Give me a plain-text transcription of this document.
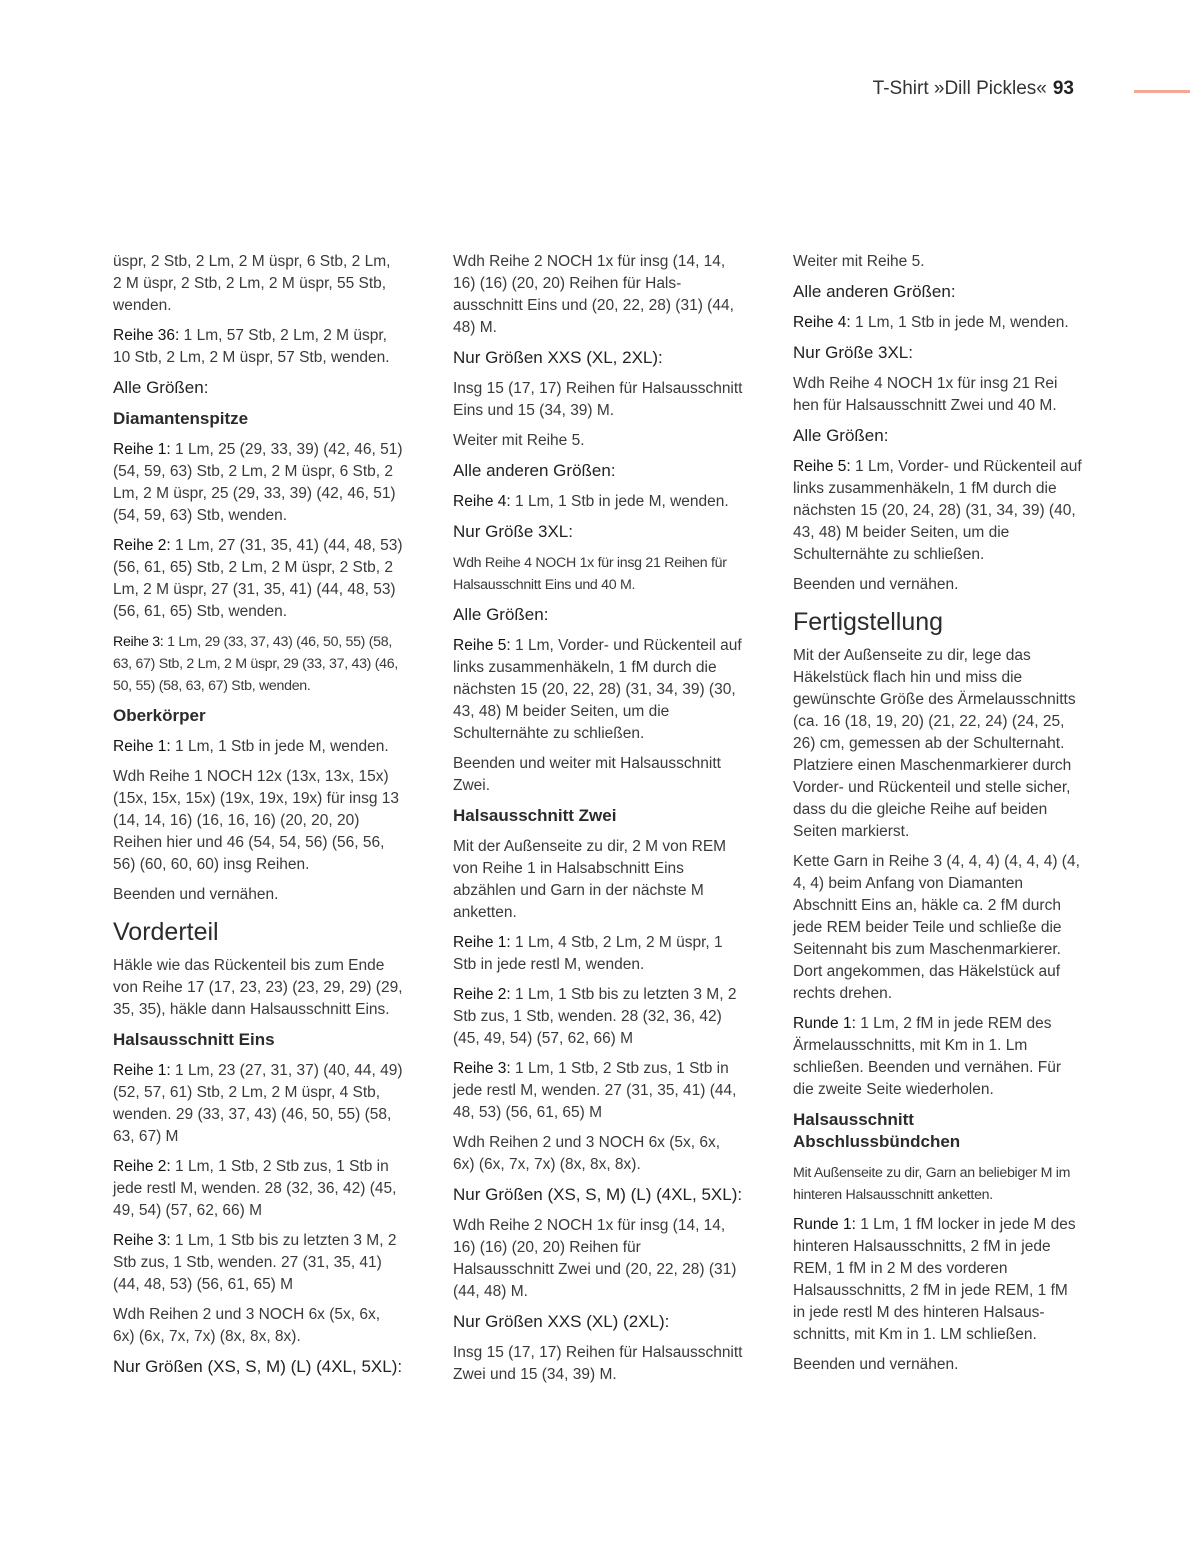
T-Shirt »Dill Pickles« 93

üspr, 2 Stb, 2 Lm, 2 M üspr, 6 Stb, 2 Lm, 2 M üspr, 2 Stb, 2 Lm, 2 M üspr, 55 Stb, wenden.

Reihe 36: 1 Lm, 57 Stb, 2 Lm, 2 M üspr, 10 Stb, 2 Lm, 2 M üspr, 57 Stb, wenden.

Alle Größen:
Diamantenspitze

Reihe 1: 1 Lm, 25 (29, 33, 39) (42, 46, 51) (54, 59, 63) Stb, 2 Lm, 2 M üspr, 6 Stb, 2 Lm, 2 M üspr, 25 (29, 33, 39) (42, 46, 51) (54, 59, 63) Stb, wenden.

Reihe 2: 1 Lm, 27 (31, 35, 41) (44, 48, 53) (56, 61, 65) Stb, 2 Lm, 2 M üspr, 2 Stb, 2 Lm, 2 M üspr, 27 (31, 35, 41) (44, 48, 53) (56, 61, 65) Stb, wenden.

Reihe 3: 1 Lm, 29 (33, 37, 43) (46, 50, 55) (58, 63, 67) Stb, 2 Lm, 2 M üspr, 29 (33, 37, 43) (46, 50, 55) (58, 63, 67) Stb, wenden.

Oberkörper

Reihe 1: 1 Lm, 1 Stb in jede M, wenden.

Wdh Reihe 1 NOCH 12x (13x, 13x, 15x) (15x, 15x, 15x) (19x, 19x, 19x) für insg 13 (14, 14, 16) (16, 16, 16) (20, 20, 20) Reihen hier und 46 (54, 54, 56) (56, 56, 56) (60, 60, 60) insg Reihen.

Beenden und vernähen.

Vorderteil

Häkle wie das Rückenteil bis zum Ende von Reihe 17 (17, 23, 23) (23, 29, 29) (29, 35, 35), häkle dann Halsausschnitt Eins.

Halsausschnitt Eins

Reihe 1: 1 Lm, 23 (27, 31, 37) (40, 44, 49) (52, 57, 61) Stb, 2 Lm, 2 M üspr, 4 Stb, wenden. 29 (33, 37, 43) (46, 50, 55) (58, 63, 67) M

Reihe 2: 1 Lm, 1 Stb, 2 Stb zus, 1 Stb in jede restl M, wenden. 28 (32, 36, 42) (45, 49, 54) (57, 62, 66) M

Reihe 3: 1 Lm, 1 Stb bis zu letzten 3 M, 2 Stb zus, 1 Stb, wenden. 27 (31, 35, 41) (44, 48, 53) (56, 61, 65) M

Wdh Reihen 2 und 3 NOCH 6x (5x, 6x, 6x) (6x, 7x, 7x) (8x, 8x, 8x).

Nur Größen (XS, S, M) (L) (4XL, 5XL):

Wdh Reihe 2 NOCH 1x für insg (14, 14, 16) (16) (20, 20) Reihen für Halsausschnitt Eins und (20, 22, 28) (31) (44, 48) M.

Nur Größen XXS (XL, 2XL):

Insg 15 (17, 17) Reihen für Halsausschnitt Eins und 15 (34, 39) M.

Weiter mit Reihe 5.

Alle anderen Größen:

Reihe 4: 1 Lm, 1 Stb in jede M, wenden.

Nur Größe 3XL:

Wdh Reihe 4 NOCH 1x für insg 21 Reihen für Halsausschnitt Eins und 40 M.

Alle Größen:

Reihe 5: 1 Lm, Vorder- und Rückenteil auf links zusammenhäkeln, 1 fM durch die nächsten 15 (20, 22, 28) (31, 34, 39) (30, 43, 48) M beider Seiten, um die Schulternähte zu schließen.

Beenden und weiter mit Halsausschnitt Zwei.

Halsausschnitt Zwei

Mit der Außenseite zu dir, 2 M von REM von Reihe 1 in Halsabschnitt Eins abzählen und Garn in der nächste M anketten.

Reihe 1: 1 Lm, 4 Stb, 2 Lm, 2 M üspr, 1 Stb in jede restl M, wenden.

Reihe 2: 1 Lm, 1 Stb bis zu letzten 3 M, 2 Stb zus, 1 Stb, wenden. 28 (32, 36, 42) (45, 49, 54) (57, 62, 66) M

Reihe 3: 1 Lm, 1 Stb, 2 Stb zus, 1 Stb in jede restl M, wenden. 27 (31, 35, 41) (44, 48, 53) (56, 61, 65) M

Wdh Reihen 2 und 3 NOCH 6x (5x, 6x, 6x) (6x, 7x, 7x) (8x, 8x, 8x).

Nur Größen (XS, S, M) (L) (4XL, 5XL):

Wdh Reihe 2 NOCH 1x für insg (14, 14, 16) (16) (20, 20) Reihen für Halsausschnitt Zwei und (20, 22, 28) (31) (44, 48) M.

Nur Größen XXS (XL) (2XL):

Insg 15 (17, 17) Reihen für Halsausschnitt Zwei und 15 (34, 39) M.

Weiter mit Reihe 5.

Alle anderen Größen:

Reihe 4: 1 Lm, 1 Stb in jede M, wenden.

Nur Größe 3XL:

Wdh Reihe 4 NOCH 1x für insg 21 Rei hen für Halsausschnitt Zwei und 40 M.

Alle Größen:

Reihe 5: 1 Lm, Vorder- und Rückenteil auf links zusammenhäkeln, 1 fM durch die nächsten 15 (20, 24, 28) (31, 34, 39) (40, 43, 48) M beider Seiten, um die Schulternähte zu schließen.

Beenden und vernähen.

Fertigstellung

Mit der Außenseite zu dir, lege das Häkelstück flach hin und miss die gewünschte Größe des Ärmelausschnitts (ca. 16 (18, 19, 20) (21, 22, 24) (24, 25, 26) cm, gemessen ab der Schulternaht. Platziere einen Maschenmarkierer durch Vorder- und Rückenteil und stelle sicher, dass du die gleiche Reihe auf beiden Seiten markierst.

Kette Garn in Reihe 3 (4, 4, 4) (4, 4, 4) (4, 4, 4) beim Anfang von Diamanten Abschnitt Eins an, häkle ca. 2 fM durch jede REM beider Teile und schließe die Seitennaht bis zum Maschenmarkierer. Dort angekommen, das Häkelstück auf rechts drehen.

Runde 1: 1 Lm, 2 fM in jede REM des Ärmelausschnitts, mit Km in 1. Lm schließen. Beenden und vernähen. Für die zweite Seite wiederholen.

Halsausschnitt Abschlussbündchen

Mit Außenseite zu dir, Garn an beliebiger M im hinteren Halsausschnitt anketten.

Runde 1: 1 Lm, 1 fM locker in jede M des hinteren Halsausschnitts, 2 fM in jede REM, 1 fM in 2 M des vorderen Halsausschnitts, 2 fM in jede REM, 1 fM in jede restl M des hinteren Halsausschnitts, mit Km in 1. LM schließen.

Beenden und vernähen.
